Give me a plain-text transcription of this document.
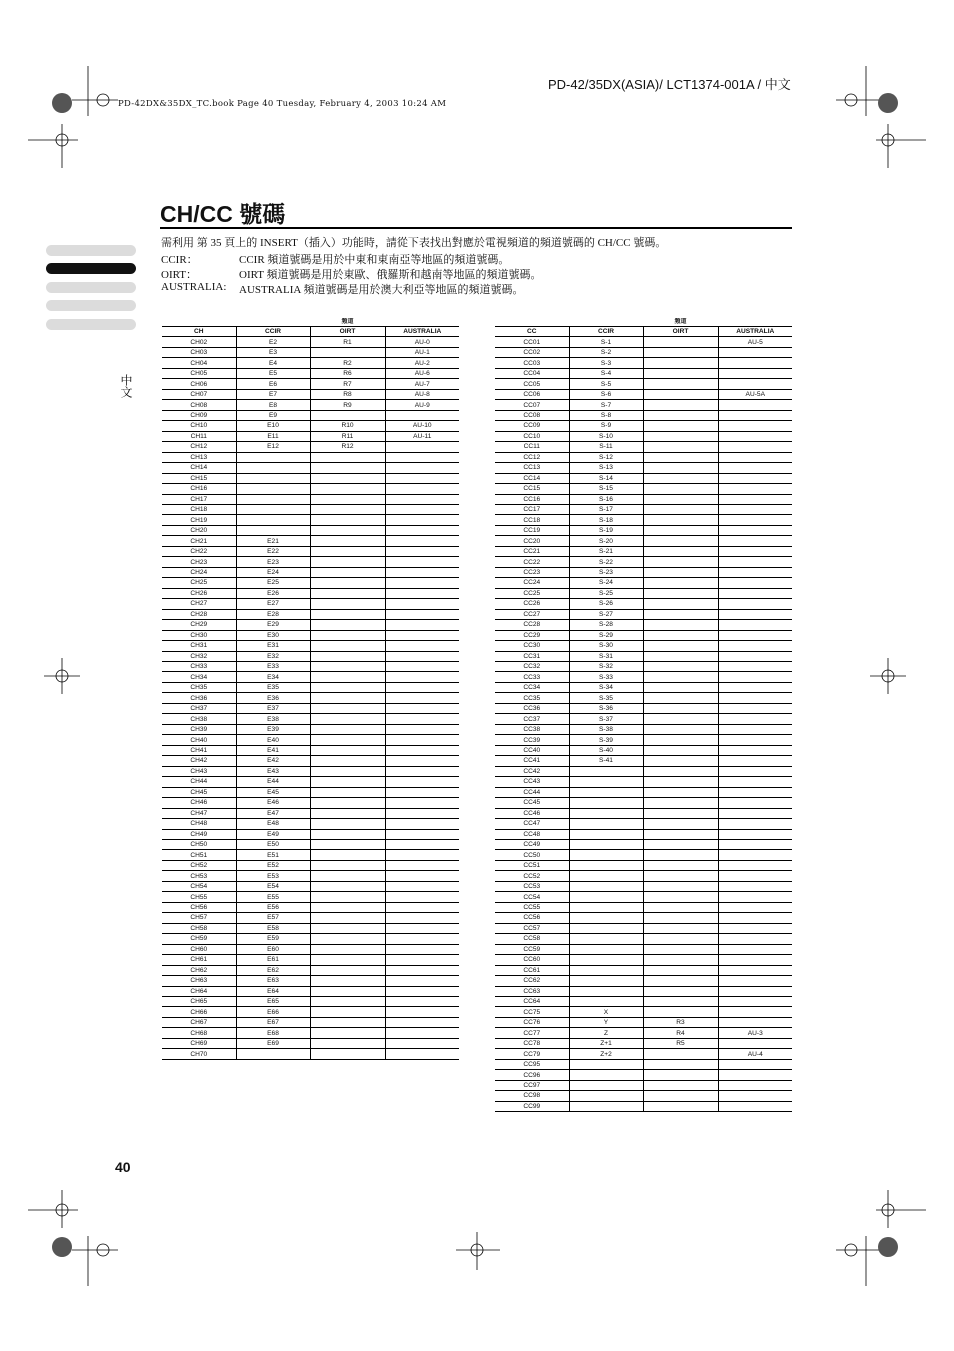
PD-42/35DX(ASIA)/ LCT1374-001A / 中文
PD-42DX&35DX_TC.book Page 40 Tuesday, February 4, 2003 10:24 AM
CH/CC 號碼
需利用 第 35 頁上的 INSERT（插入）功能時，請從下表找出對應於電視頻道的頻道號碼的 CH/CC 號碼。
CCIR：	CCIR 頻道號碼是用於中東和東南亞等地區的頻道號碼。
OIRT：	OIRT 頻道號碼是用於東歐、俄羅斯和越南等地區的頻道號碼。
AUSTRALIA: AUSTRALIA 頻道號碼是用於澳大利亞等地區的頻道號碼。
中文
	頻道		
CH	CCIR	OIRT	AUSTRALIA
CH02	E2	R1	AU-0
CH03	E3		AU-1
CH04	E4	R2	AU-2
CH05	E5	R6	AU-6
CH06	E6	R7	AU-7
CH07	E7	R8	AU-8
CH08	E8	R9	AU-9
CH09	E9		
CH10	E10	R10	AU-10
CH11	E11	R11	AU-11
CH12	E12	R12	
CH13			
CH14			
CH15			
CH16			
CH17			
CH18			
CH19			
CH20			
CH21	E21		
CH22	E22		
CH23	E23		
CH24	E24		
CH25	E25		
CH26	E26		
CH27	E27		
CH28	E28		
CH29	E29		
CH30	E30		
CH31	E31		
CH32	E32		
CH33	E33		
CH34	E34		
CH35	E35		
CH36	E36		
CH37	E37		
CH38	E38		
CH39	E39		
CH40	E40		
CH41	E41		
CH42	E42		
CH43	E43		
CH44	E44		
CH45	E45		
CH46	E46		
CH47	E47		
CH48	E48		
CH49	E49		
CH50	E50		
CH51	E51		
CH52	E52		
CH53	E53		
CH54	E54		
CH55	E55		
CH56	E56		
CH57	E57		
CH58	E58		
CH59	E59		
CH60	E60		
CH61	E61		
CH62	E62		
CH63	E63		
CH64	E64		
CH65	E65		
CH66	E66		
CH67	E67		
CH68	E68		
CH69	E69		
CH70			
	頻道		
CC	CCIR	OIRT	AUSTRALIA
CC01	S-1		AU-5
CC02	S-2		
CC03	S-3		
CC04	S-4		
CC05	S-5		
CC06	S-6		AU-5A
CC07	S-7		
CC08	S-8		
CC09	S-9		
CC10	S-10		
CC11	S-11		
CC12	S-12		
CC13	S-13		
CC14	S-14		
CC15	S-15		
CC16	S-16		
CC17	S-17		
CC18	S-18		
CC19	S-19		
CC20	S-20		
CC21	S-21		
CC22	S-22		
CC23	S-23		
CC24	S-24		
CC25	S-25		
CC26	S-26		
CC27	S-27		
CC28	S-28		
CC29	S-29		
CC30	S-30		
CC31	S-31		
CC32	S-32		
CC33	S-33		
CC34	S-34		
CC35	S-35		
CC36	S-36		
CC37	S-37		
CC38	S-38		
CC39	S-39		
CC40	S-40		
CC41	S-41		
CC42			
CC43			
CC44			
CC45			
CC46			
CC47			
CC48			
CC49			
CC50			
CC51			
CC52			
CC53			
CC54			
CC55			
CC56			
CC57			
CC58			
CC59			
CC60			
CC61			
CC62			
CC63			
CC64			
CC75	X		
CC76	Y	R3	
CC77	Z	R4	AU-3
CC78	Z+1	R5	
CC79	Z+2		AU-4
CC95			
CC96			
CC97			
CC98			
CC99			
40
